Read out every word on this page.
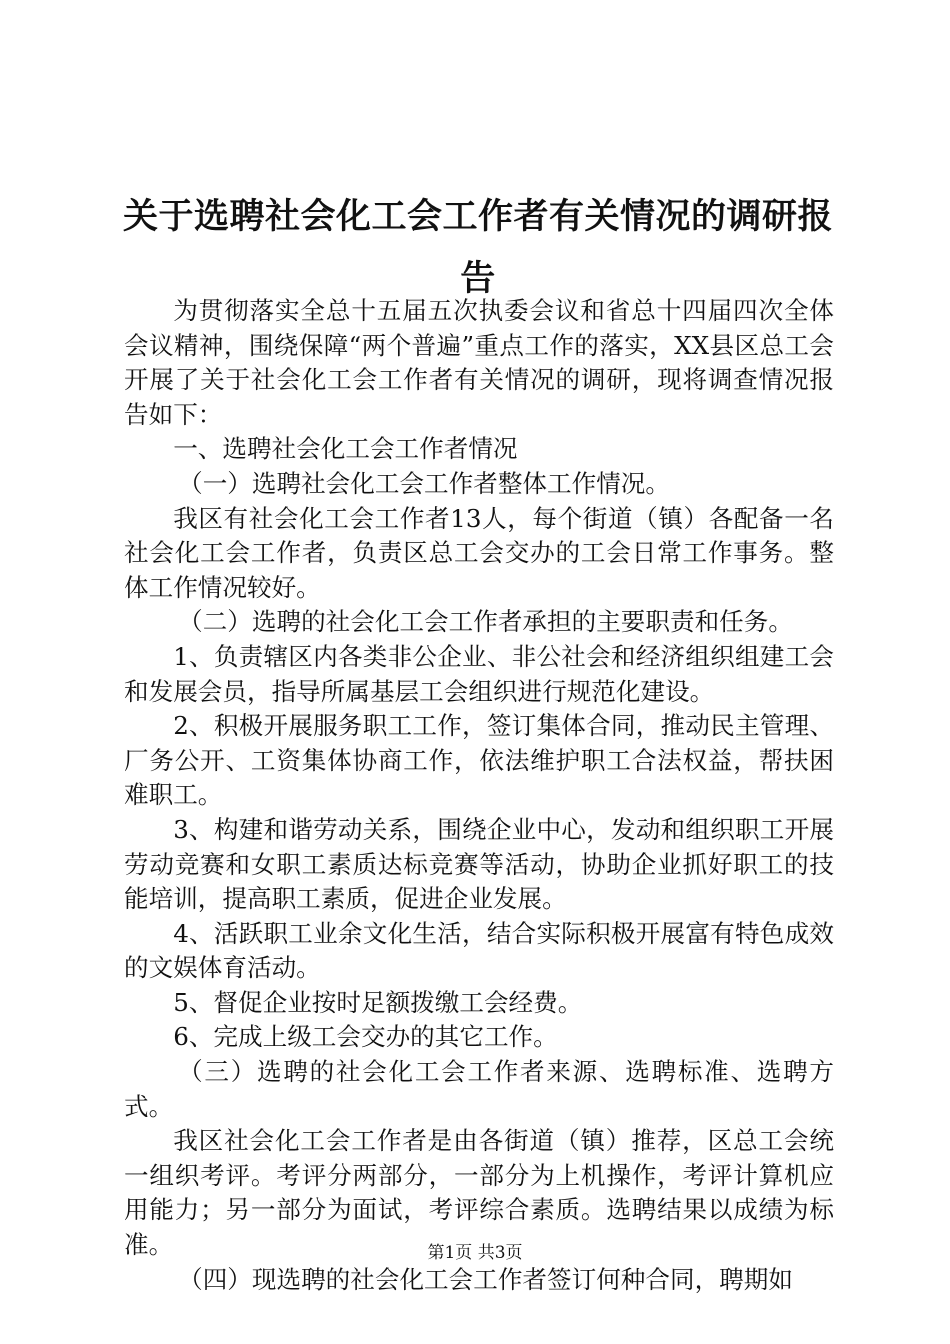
关于选聘社会化工会工作者有关情况的调研报告

为贯彻落实全总十五届五次执委会议和省总十四届四次全体会议精神，围绕保障“两个普遍”重点工作的落实，XX县区总工会开展了关于社会化工会工作者有关情况的调研，现将调查情况报告如下：

一、选聘社会化工会工作者情况

（一）选聘社会化工会工作者整体工作情况。

我区有社会化工会工作者13人，每个街道（镇）各配备一名社会化工会工作者，负责区总工会交办的工会日常工作事务。整体工作情况较好。

（二）选聘的社会化工会工作者承担的主要职责和任务。

1、负责辖区内各类非公企业、非公社会和经济组织组建工会和发展会员，指导所属基层工会组织进行规范化建设。

2、积极开展服务职工工作，签订集体合同，推动民主管理、厂务公开、工资集体协商工作，依法维护职工合法权益，帮扶困难职工。

3、构建和谐劳动关系，围绕企业中心，发动和组织职工开展劳动竞赛和女职工素质达标竞赛等活动，协助企业抓好职工的技能培训，提高职工素质，促进企业发展。

4、活跃职工业余文化生活，结合实际积极开展富有特色成效的文娱体育活动。

5、督促企业按时足额拨缴工会经费。

6、完成上级工会交办的其它工作。

（三）选聘的社会化工会工作者来源、选聘标准、选聘方式。

我区社会化工会工作者是由各街道（镇）推荐，区总工会统一组织考评。考评分两部分，一部分为上机操作，考评计算机应用能力；另一部分为面试，考评综合素质。选聘结果以成绩为标准。

（四）现选聘的社会化工会工作者签订何种合同，聘期如

第1页 共3页
